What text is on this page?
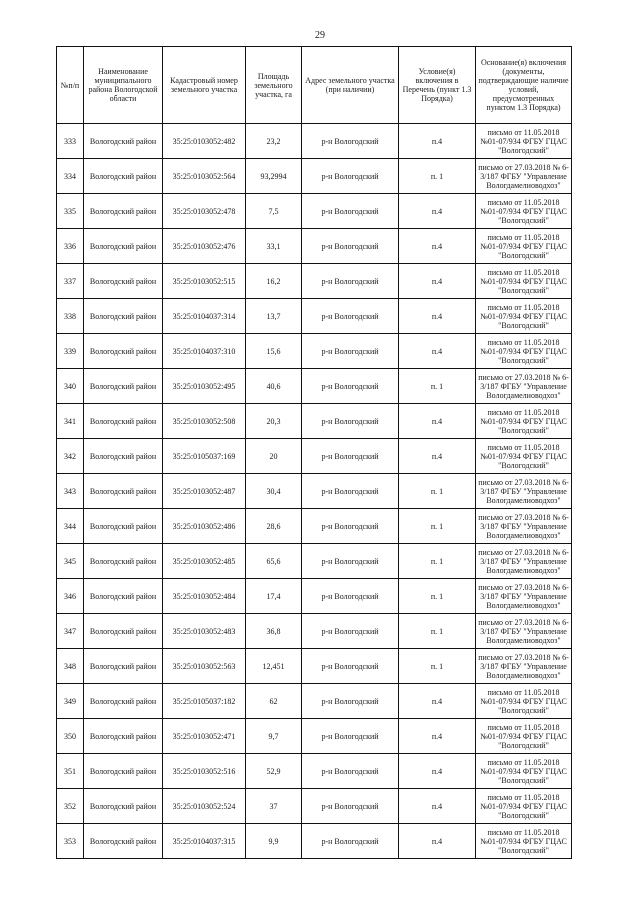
29
№п/п	Наименование муниципального района Вологодской области	Кадастровый номер земельного участка	Площадь земельного участка, га	Адрес земельного участка (при наличии)	Условие(я) включения в Перечень (пункт 1.3 Порядка)	Основание(я) включения (документы, подтверждающие наличие условий, предусмотренных пунктом 1.3 Порядка)
333	Вологодский район	35:25:0103052:482	23,2	р-н Вологодский	п.4	письмо от 11.05.2018 №01-07/934 ФГБУ ГЦАС "Вологодский"
334	Вологодский район	35:25:0103052:564	93,2994	р-н Вологодский	п. 1	письмо от 27.03.2018 № 6-3/187 ФГБУ "Управление Вологдамелиоводхоз"
335	Вологодский район	35:25:0103052:478	7,5	р-н Вологодский	п.4	письмо от 11.05.2018 №01-07/934 ФГБУ ГЦАС "Вологодский"
336	Вологодский район	35:25:0103052:476	33,1	р-н Вологодский	п.4	письмо от 11.05.2018 №01-07/934 ФГБУ ГЦАС "Вологодский"
337	Вологодский район	35:25:0103052:515	16,2	р-н Вологодский	п.4	письмо от 11.05.2018 №01-07/934 ФГБУ ГЦАС "Вологодский"
338	Вологодский район	35:25:0104037:314	13,7	р-н Вологодский	п.4	письмо от 11.05.2018 №01-07/934 ФГБУ ГЦАС "Вологодский"
339	Вологодский район	35:25:0104037:310	15,6	р-н Вологодский	п.4	письмо от 11.05.2018 №01-07/934 ФГБУ ГЦАС "Вологодский"
340	Вологодский район	35:25:0103052:495	40,6	р-н Вологодский	п. 1	письмо от 27.03.2018 № 6-3/187 ФГБУ "Управление Вологдамелиоводхоз"
341	Вологодский район	35:25:0103052:508	20,3	р-н Вологодский	п.4	письмо от 11.05.2018 №01-07/934 ФГБУ ГЦАС "Вологодский"
342	Вологодский район	35:25:0105037:169	20	р-н Вологодский	п.4	письмо от 11.05.2018 №01-07/934 ФГБУ ГЦАС "Вологодский"
343	Вологодский район	35:25:0103052:487	30,4	р-н Вологодский	п. 1	письмо от 27.03.2018 № 6-3/187 ФГБУ "Управление Вологдамелиоводхоз"
344	Вологодский район	35:25:0103052:486	28,6	р-н Вологодский	п. 1	письмо от 27.03.2018 № 6-3/187 ФГБУ "Управление Вологдамелиоводхоз"
345	Вологодский район	35:25:0103052:485	65,6	р-н Вологодский	п. 1	письмо от 27.03.2018 № 6-3/187 ФГБУ "Управление Вологдамелиоводхоз"
346	Вологодский район	35:25:0103052:484	17,4	р-н Вологодский	п. 1	письмо от 27.03.2018 № 6-3/187 ФГБУ "Управление Вологдамелиоводхоз"
347	Вологодский район	35:25:0103052:483	36,8	р-н Вологодский	п. 1	письмо от 27.03.2018 № 6-3/187 ФГБУ "Управление Вологдамелиоводхоз"
348	Вологодский район	35:25:0103052:563	12,451	р-н Вологодский	п. 1	письмо от 27.03.2018 № 6-3/187 ФГБУ "Управление Вологдамелиоводхоз"
349	Вологодский район	35:25:0105037:182	62	р-н Вологодский	п.4	письмо от 11.05.2018 №01-07/934 ФГБУ ГЦАС "Вологодский"
350	Вологодский район	35:25:0103052:471	9,7	р-н Вологодский	п.4	письмо от 11.05.2018 №01-07/934 ФГБУ ГЦАС "Вологодский"
351	Вологодский район	35:25:0103052:516	52,9	р-н Вологодский	п.4	письмо от 11.05.2018 №01-07/934 ФГБУ ГЦАС "Вологодский"
352	Вологодский район	35:25:0103052:524	37	р-н Вологодский	п.4	письмо от 11.05.2018 №01-07/934 ФГБУ ГЦАС "Вологодский"
353	Вологодский район	35:25:0104037:315	9,9	р-н Вологодский	п.4	письмо от 11.05.2018 №01-07/934 ФГБУ ГЦАС "Вологодский"
